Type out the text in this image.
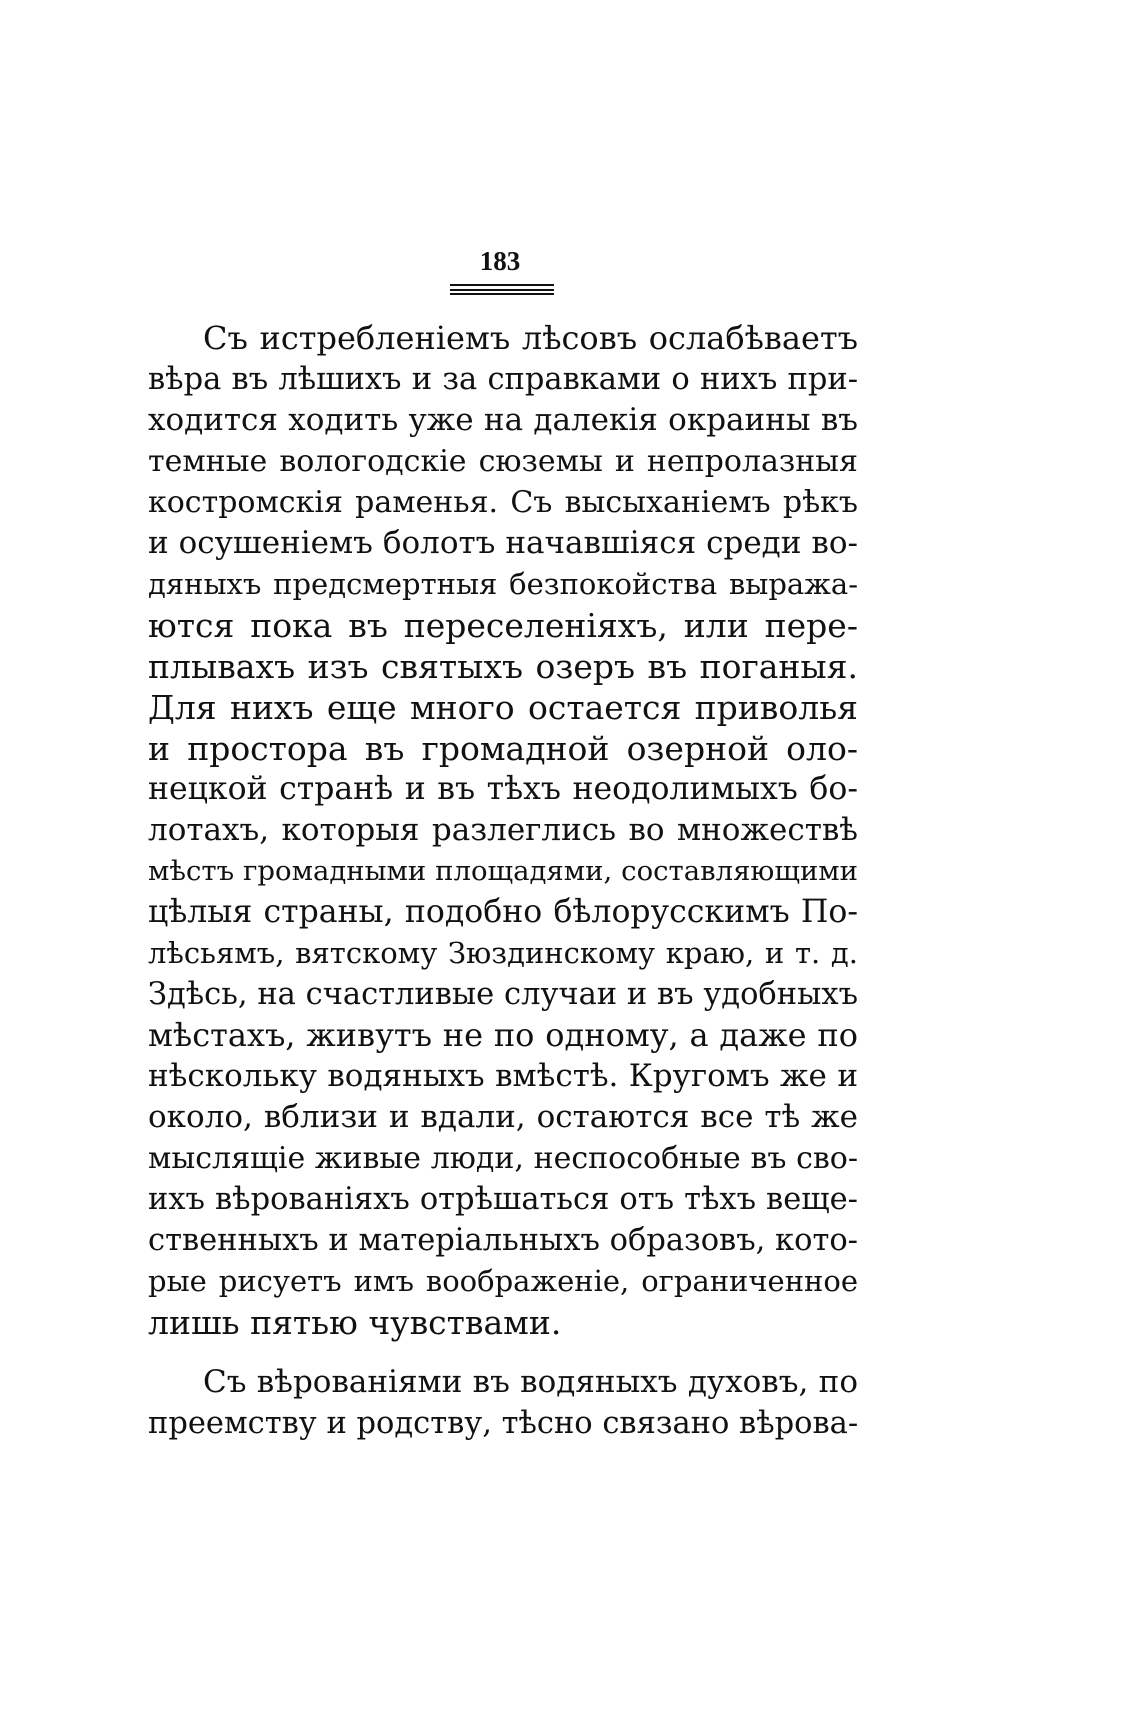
183
Съ истребленіемъ лѣсовъ ослабѣваетъ
вѣра въ лѣшихъ и за справками о нихъ при-
ходится ходить уже на далекія окраины въ
темные вологодскіе сюземы и непролазныя
костромскія раменья. Съ высыханіемъ рѣкъ
и осушеніемъ болотъ начавшіяся среди во-
дяныхъ предсмертныя безпокойства выража-
ются пока въ переселеніяхъ, или пере-
плывахъ изъ святыхъ озеръ въ поганыя.
Для нихъ еще много остается приволья
и простора въ громадной озерной оло-
нецкой странѣ и въ тѣхъ неодолимыхъ бо-
лотахъ, которыя разлеглись во множествѣ
мѣстъ громадными площадями, составляющими
цѣлыя страны, подобно бѣлорусскимъ По-
лѣсьямъ, вятскому Зюздинскому краю, и т. д.
Здѣсь, на счастливые случаи и въ удобныхъ
мѣстахъ, живутъ не по одному, а даже по
нѣскольку водяныхъ вмѣстѣ. Кругомъ же и
около, вблизи и вдали, остаются все тѣ же
мыслящіе живые люди, неспособные въ сво-
ихъ вѣрованіяхъ отрѣшаться отъ тѣхъ веще-
ственныхъ и матеріальныхъ образовъ, кото-
рые рисуетъ имъ воображеніе, ограниченное
лишь пятью чувствами.
Съ вѣрованіями въ водяныхъ духовъ, по
преемству и родству, тѣсно связано вѣрова-
